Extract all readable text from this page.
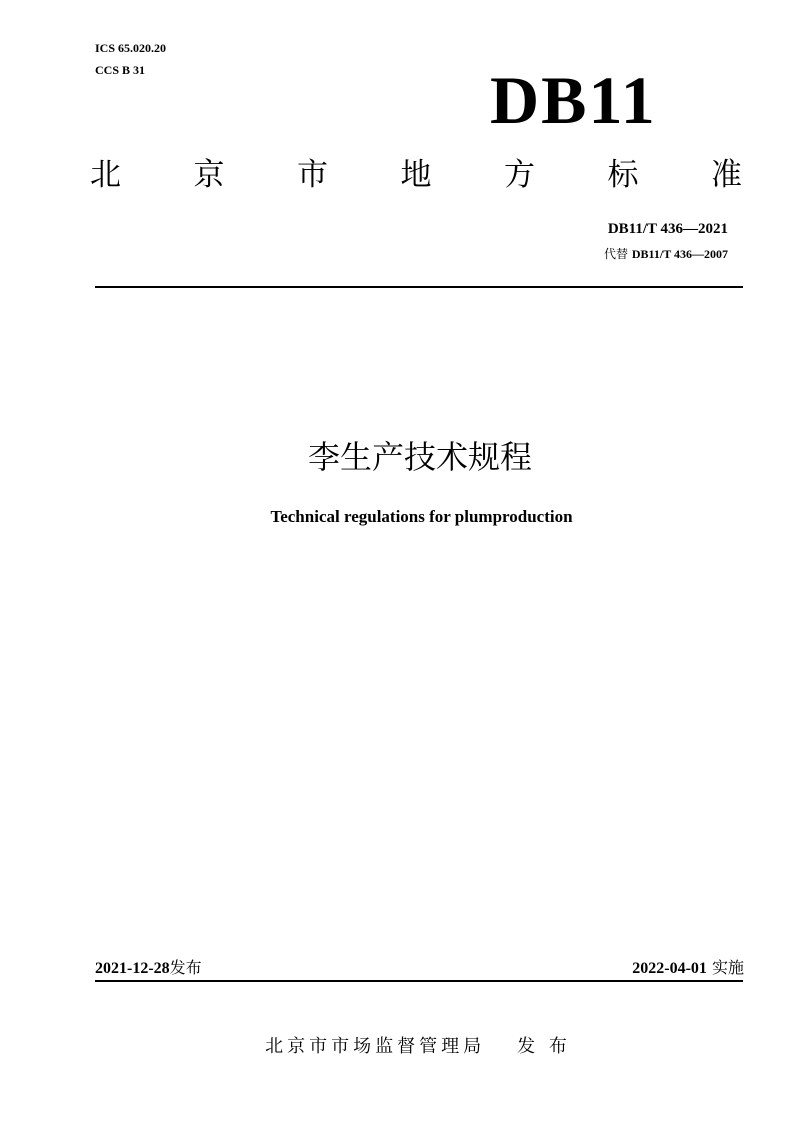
ICS 65.020.20
CCS B 31	DB11
北 京 市 地 方 标 准
DB11/T 436—2021
代替 DB11/T 436—2007
李生产技术规程
Technical regulations for plumproduction
2021-12-28发布	2022-04-01 实施
北京市市场监督管理局 发 布
